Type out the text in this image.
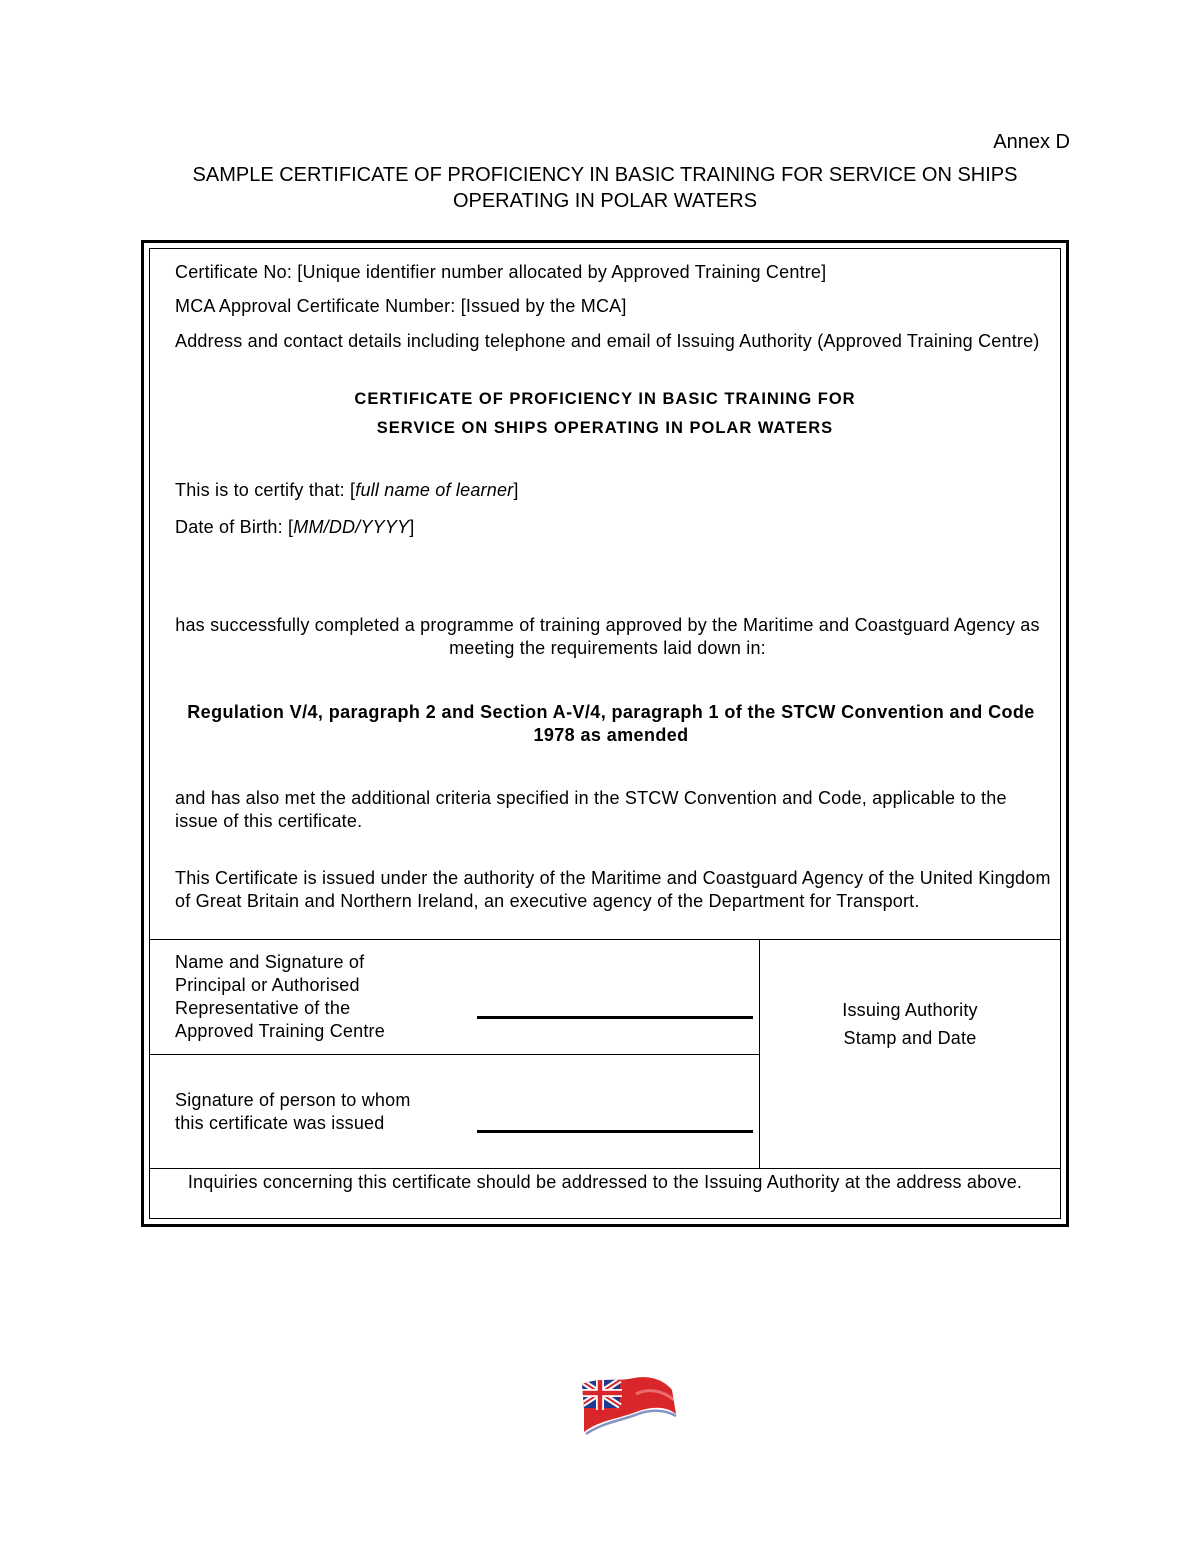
Annex D
SAMPLE CERTIFICATE OF PROFICIENCY IN BASIC TRAINING FOR SERVICE ON SHIPS
OPERATING IN POLAR WATERS
Certificate No: [Unique identifier number allocated by Approved Training Centre]
MCA Approval Certificate Number: [Issued by the MCA]
Address and contact details including telephone and email of Issuing Authority (Approved Training Centre)
CERTIFICATE OF PROFICIENCY IN BASIC TRAINING FOR
SERVICE ON SHIPS OPERATING IN POLAR WATERS
This is to certify that: [full name of learner]
Date of Birth: [MM/DD/YYYY]
has successfully completed a programme of training approved by the Maritime and Coastguard Agency as meeting the requirements laid down in:
Regulation V/4, paragraph 2 and Section A-V/4, paragraph 1 of the STCW Convention and Code 1978 as amended
and has also met the additional criteria specified in the STCW Convention and Code, applicable to the issue of this certificate.
This Certificate is issued under the authority of the Maritime and Coastguard Agency of the United Kingdom of Great Britain and Northern Ireland, an executive agency of the Department for Transport.
Name and Signature of
Principal or Authorised
Representative of the
Approved Training Centre
Signature of person to whom
this certificate was issued
Issuing Authority
Stamp and Date
Inquiries concerning this certificate should be addressed to the Issuing Authority at the address above.
